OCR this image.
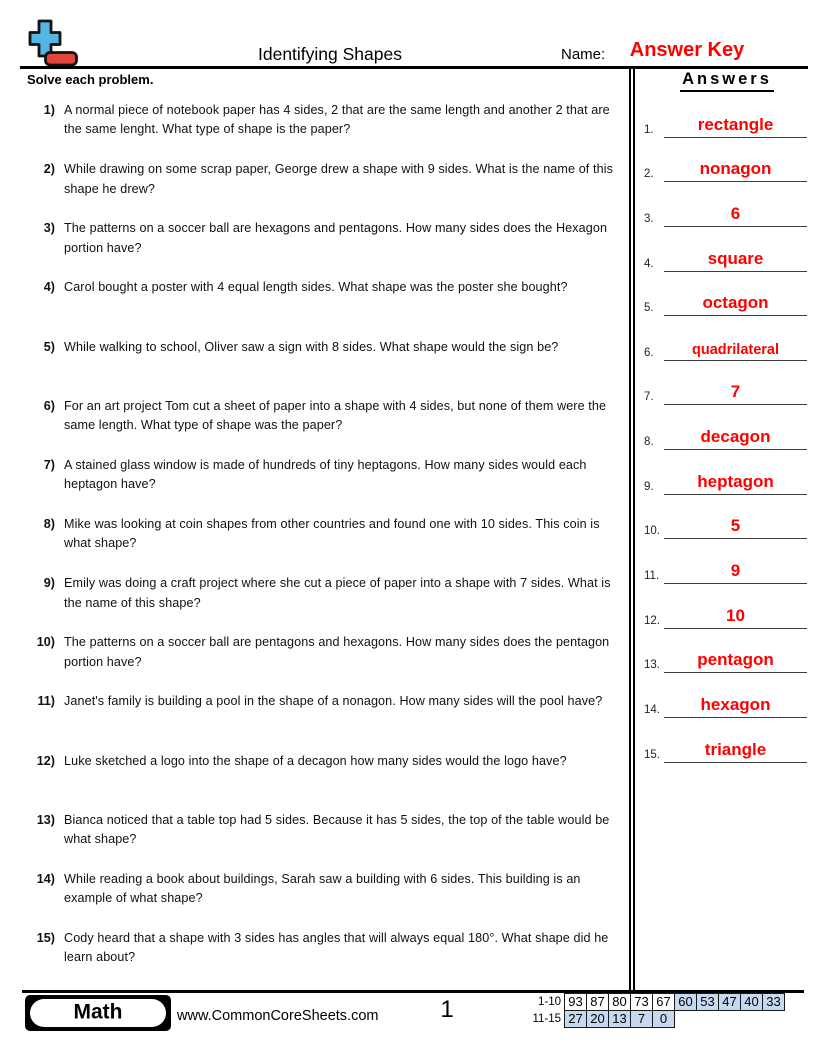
Identifying Shapes	Name:	Answer Key
Solve each problem.
1) A normal piece of notebook paper has 4 sides, 2 that are the same length and another 2 that are the same lenght. What type of shape is the paper?
2) While drawing on some scrap paper, George drew a shape with 9 sides. What is the name of this shape he drew?
3) The patterns on a soccer ball are hexagons and pentagons. How many sides does the Hexagon portion have?
4) Carol bought a poster with 4 equal length sides. What shape was the poster she bought?
5) While walking to school, Oliver saw a sign with 8 sides. What shape would the sign be?
6) For an art project Tom cut a sheet of paper into a shape with 4 sides, but none of them were the same length. What type of shape was the paper?
7) A stained glass window is made of hundreds of tiny heptagons. How many sides would each heptagon have?
8) Mike was looking at coin shapes from other countries and found one with 10 sides. This coin is what shape?
9) Emily was doing a craft project where she cut a piece of paper into a shape with 7 sides. What is the name of this shape?
10) The patterns on a soccer ball are pentagons and hexagons. How many sides does the pentagon portion have?
11) Janet's family is building a pool in the shape of a nonagon. How many sides will the pool have?
12) Luke sketched a logo into the shape of a decagon how many sides would the logo have?
13) Bianca noticed that a table top had 5 sides. Because it has 5 sides, the top of the table would be what shape?
14) While reading a book about buildings, Sarah saw a building with 6 sides. This building is an example of what shape?
15) Cody heard that a shape with 3 sides has angles that will always equal 180°. What shape did he learn about?
Answers
1.	rectangle
2.	nonagon
3.	6
4.	square
5.	octagon
6.	quadrilateral
7.	7
8.	decagon
9.	heptagon
10.	5
11.	9
12.	10
13.	pentagon
14.	hexagon
15.	triangle
Math	www.CommonCoreSheets.com	1	1-10 93 87 80 73 67 60 53 47 40 33
11-15 27 20 13 7	0
